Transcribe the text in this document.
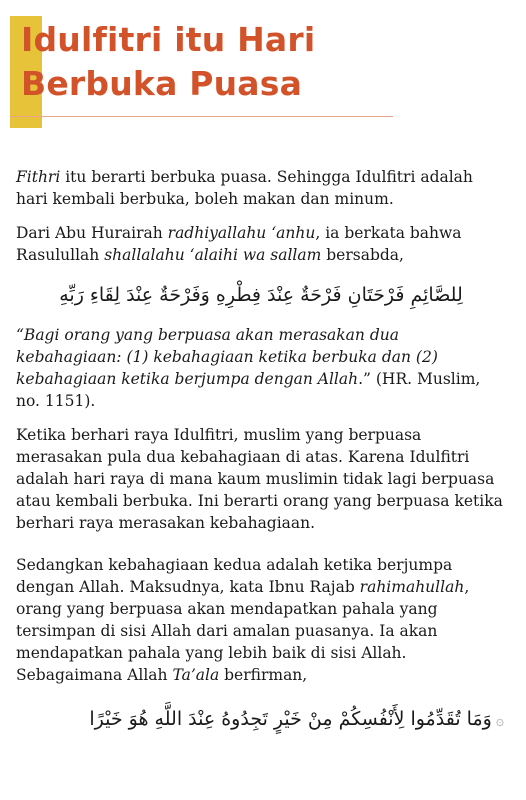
Idulfitri itu Hari
Berbuka Puasa

Fithri itu berarti berbuka puasa. Sehingga Idulfitri adalah hari kembali berbuka, boleh makan dan minum.

Dari Abu Hurairah radhiyallahu ‘anhu, ia berkata bahwa Rasulullah shallalahu ‘alaihi wa sallam bersabda,

لِلصَّائِمِ فَرْحَتَانِ فَرْحَةٌ عِنْدَ فِطْرِهِ وَفَرْحَةٌ عِنْدَ لِقَاءِ رَبِّهِ

“Bagi orang yang berpuasa akan merasakan dua kebahagiaan: (1) kebahagiaan ketika berbuka dan (2) kebahagiaan ketika berjumpa dengan Allah.” (HR. Muslim, no. 1151).

Ketika berhari raya Idulfitri, muslim yang berpuasa merasakan pula dua kebahagiaan di atas. Karena Idulfitri adalah hari raya di mana kaum muslimin tidak lagi berpuasa atau kembali berbuka. Ini berarti orang yang berpuasa ketika berhari raya merasakan kebahagiaan.

Sedangkan kebahagiaan kedua adalah ketika berjumpa dengan Allah. Maksudnya, kata Ibnu Rajab rahimahullah, orang yang berpuasa akan mendapatkan pahala yang tersimpan di sisi Allah dari amalan puasanya. Ia akan mendapatkan pahala yang lebih baik di sisi Allah. Sebagaimana Allah Ta’ala berfirman,

۞وَمَا تُقَدِّمُوا لِأَنْفُسِكُمْ مِنْ خَيْرٍ تَجِدُوهُ عِنْدَ اللَّهِ هُوَ خَيْرًا
